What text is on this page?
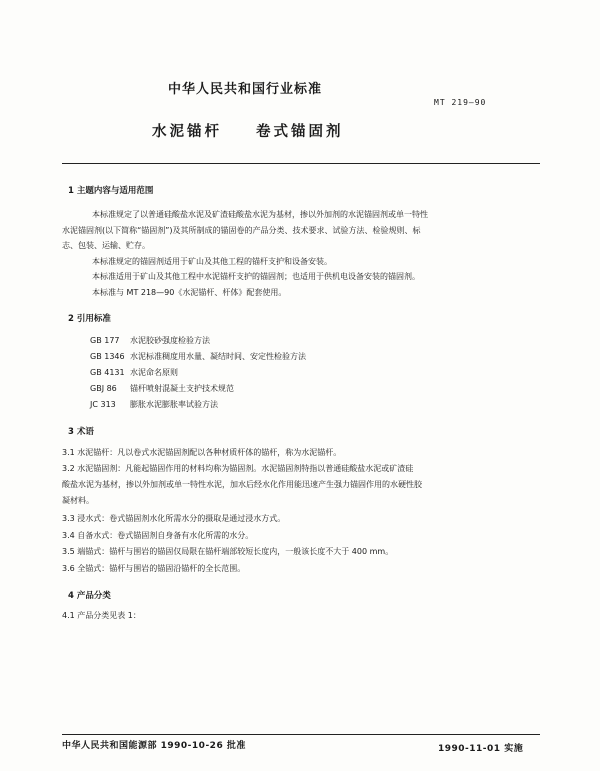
中华人民共和国行业标准
MT 219—90
水泥锚杆 卷式锚固剂
1 主题内容与适用范围
本标准规定了以普通硅酸盐水泥及矿渣硅酸盐水泥为基材，掺以外加剂的水泥锚固剂或单一特性
水泥锚固剂(以下简称“锚固剂”)及其所制成的锚固卷的产品分类、技术要求、试验方法、检验规则、标
志、包装、运输、贮存。
本标准规定的锚固剂适用于矿山及其他工程的锚杆支护和设备安装。
本标准适用于矿山及其他工程中水泥锚杆支护的锚固剂；也适用于供机电设备安装的锚固剂。
本标准与 MT 218—90《水泥锚杆、杆体》配套使用。
2 引用标准
GB 177 水泥胶砂强度检验方法
GB 1346 水泥标准稠度用水量、凝结时间、安定性检验方法
GB 4131 水泥命名原则
GBJ 86 锚杆喷射混凝土支护技术规范
JC 313 膨胀水泥膨胀率试验方法
3 术语
3.1 水泥锚杆：凡以卷式水泥锚固剂配以各种材质杆体的锚杆，称为水泥锚杆。
3.2 水泥锚固剂：凡能起锚固作用的材料均称为锚固剂。水泥锚固剂特指以普通硅酸盐水泥或矿渣硅
酸盐水泥为基材，掺以外加剂或单一特性水泥，加水后经水化作用能迅速产生强力锚固作用的水硬性胶
凝材料。
3.3 浸水式：卷式锚固剂水化所需水分的摄取是通过浸水方式。
3.4 自备水式：卷式锚固剂自身备有水化所需的水分。
3.5 端锚式：锚杆与围岩的锚固仅局限在锚杆端部较短长度内，一般该长度不大于 400 mm。
3.6 全锚式：锚杆与围岩的锚固沿锚杆的全长范围。
4 产品分类
4.1 产品分类见表 1：
中华人民共和国能源部 1990-10-26 批准	1990-11-01 实施
